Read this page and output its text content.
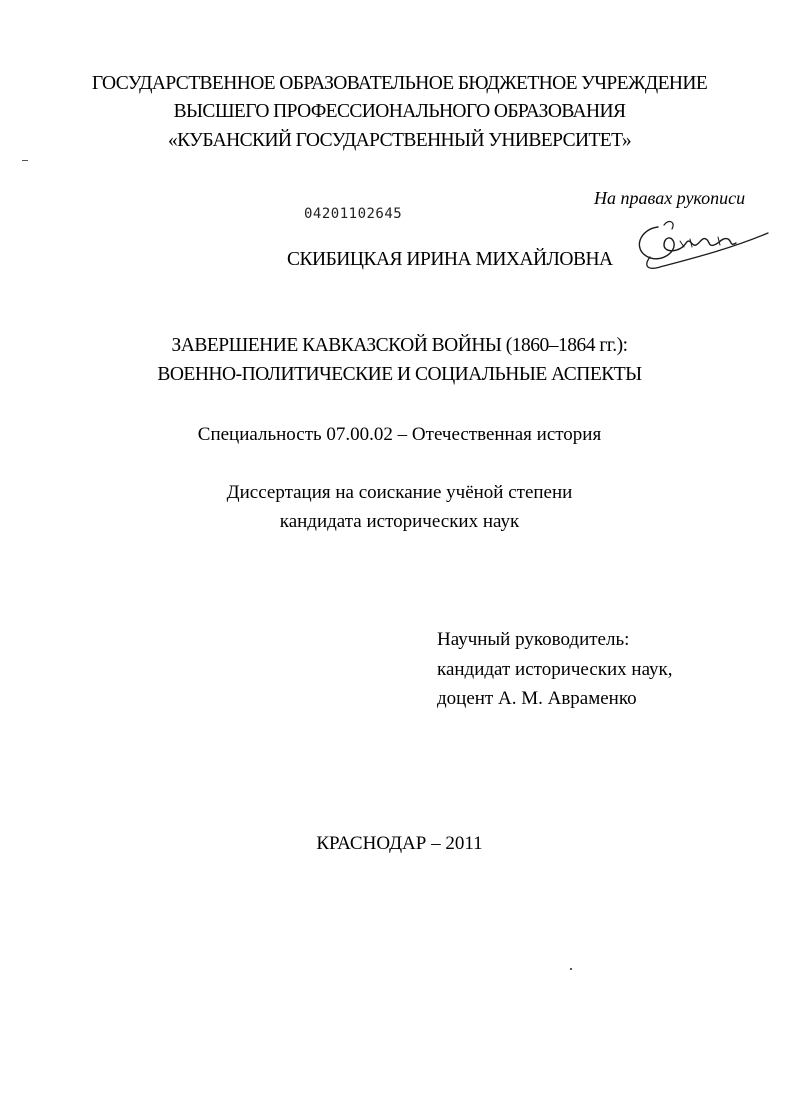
ГОСУДАРСТВЕННОЕ ОБРАЗОВАТЕЛЬНОЕ БЮДЖЕТНОЕ УЧРЕЖДЕНИЕ
ВЫСШЕГО ПРОФЕССИОНАЛЬНОГО ОБРАЗОВАНИЯ
«КУБАНСКИЙ ГОСУДАРСТВЕННЫЙ УНИВЕРСИТЕТ»
На правах рукописи
04201102645
СКИБИЦКАЯ ИРИНА МИХАЙЛОВНА
ЗАВЕРШЕНИЕ КАВКАЗСКОЙ ВОЙНЫ (1860–1864 гг.):
ВОЕННО-ПОЛИТИЧЕСКИЕ И СОЦИАЛЬНЫЕ АСПЕКТЫ
Специальность 07.00.02 – Отечественная история
Диссертация на соискание учёной степени
кандидата исторических наук
Научный руководитель:
кандидат исторических наук,
доцент А. М. Авраменко
КРАСНОДАР – 2011
